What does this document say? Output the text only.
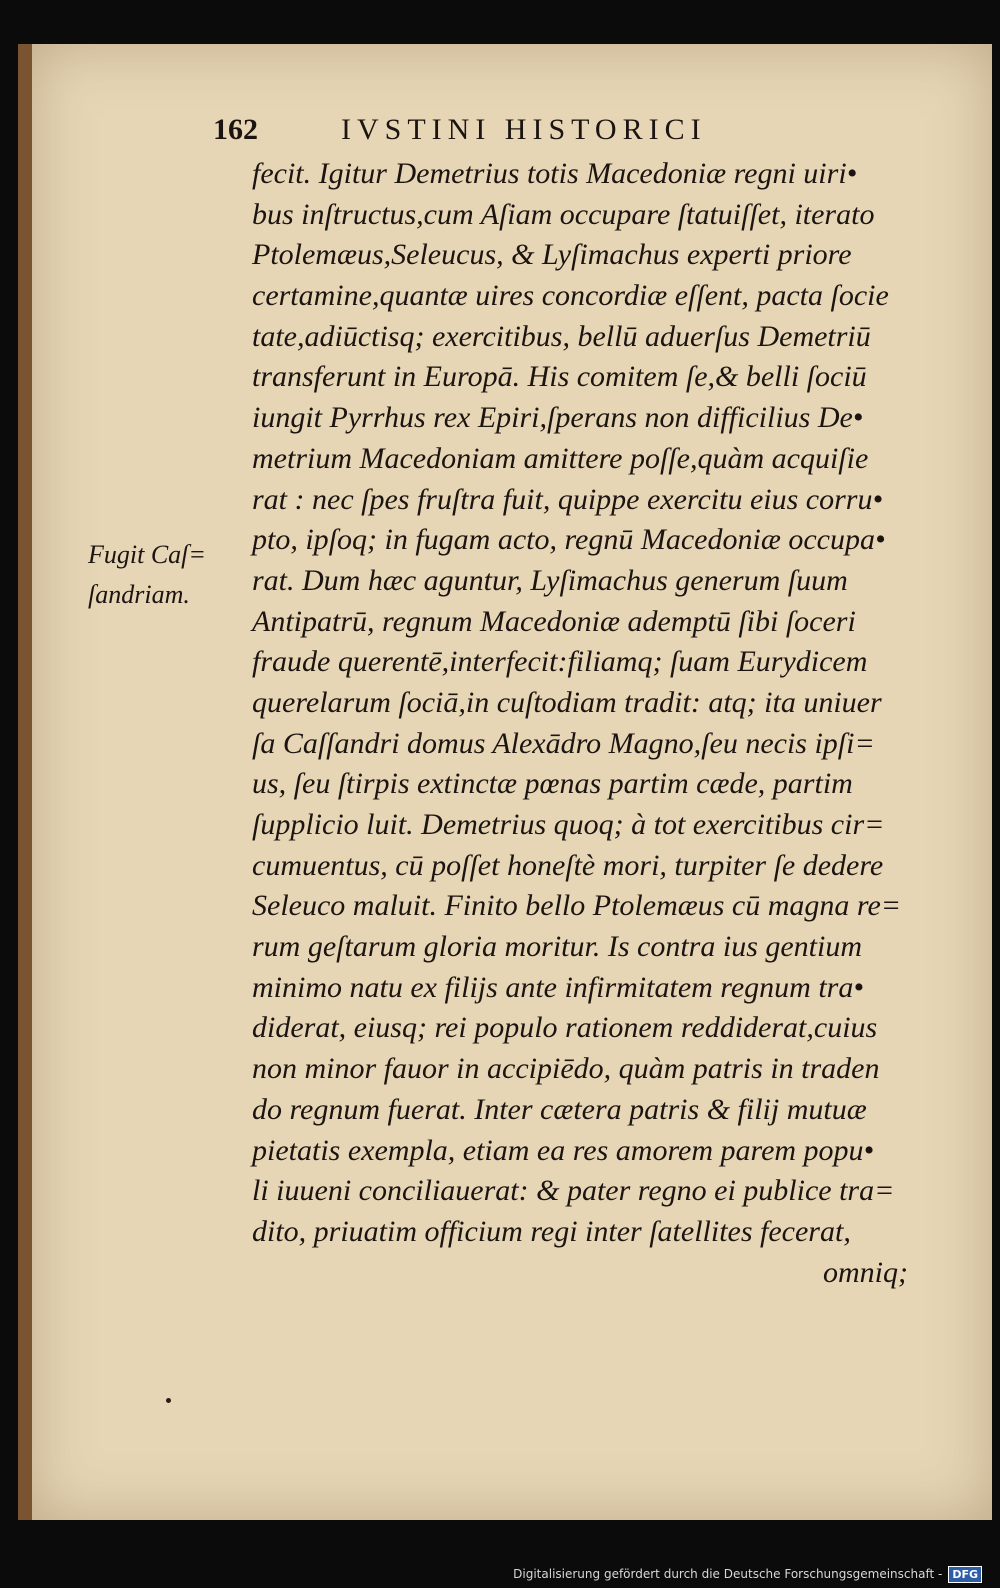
162	IVSTINI HISTORICI
Fugit Caſ=
ſandriam.
fecit. Igitur Demetrius totis Macedoniæ regni uiri•
bus inſtructus,cum Aſiam occupare ſtatuiſſet, iterato
Ptolemæus,Seleucus, & Lyſimachus experti priore
certamine,quantæ uires concordiæ eſſent, pacta ſocie
tate,adiūctisq; exercitibus, bellū aduerſus Demetriū
transferunt in Europā. His comitem ſe,& belli ſociū
iungit Pyrrhus rex Epiri,ſperans non difficilius De•
metrium Macedoniam amittere poſſe,quàm acquiſie
rat : nec ſpes fruſtra fuit, quippe exercitu eius corru•
pto, ipſoq; in fugam acto, regnū Macedoniæ occupa•
rat. Dum hæc aguntur, Lyſimachus generum ſuum
Antipatrū, regnum Macedoniæ ademptū ſibi ſoceri
fraude querentē,interfecit:filiamq; ſuam Eurydicem
querelarum ſociā,in cuſtodiam tradit: atq; ita uniuer
ſa Caſſandri domus Alexādro Magno,ſeu necis ipſi=
us, ſeu ſtirpis extinctæ pœnas partim cæde, partim
ſupplicio luit. Demetrius quoq; à tot exercitibus cir=
cumuentus, cū poſſet honeſtè mori, turpiter ſe dedere
Seleuco maluit. Finito bello Ptolemæus cū magna re=
rum geſtarum gloria moritur. Is contra ius gentium
minimo natu ex filijs ante infirmitatem regnum tra•
diderat, eiusq; rei populo rationem reddiderat,cuius
non minor fauor in accipiēdo, quàm patris in traden
do regnum fuerat. Inter cætera patris & filij mutuæ
pietatis exempla, etiam ea res amorem parem popu•
li iuueni conciliauerat: & pater regno ei publice tra=
dito, priuatim officium regi inter ſatellites fecerat,
omniq;
Digitalisierung gefördert durch die Deutsche Forschungsgemeinschaft - DFG
